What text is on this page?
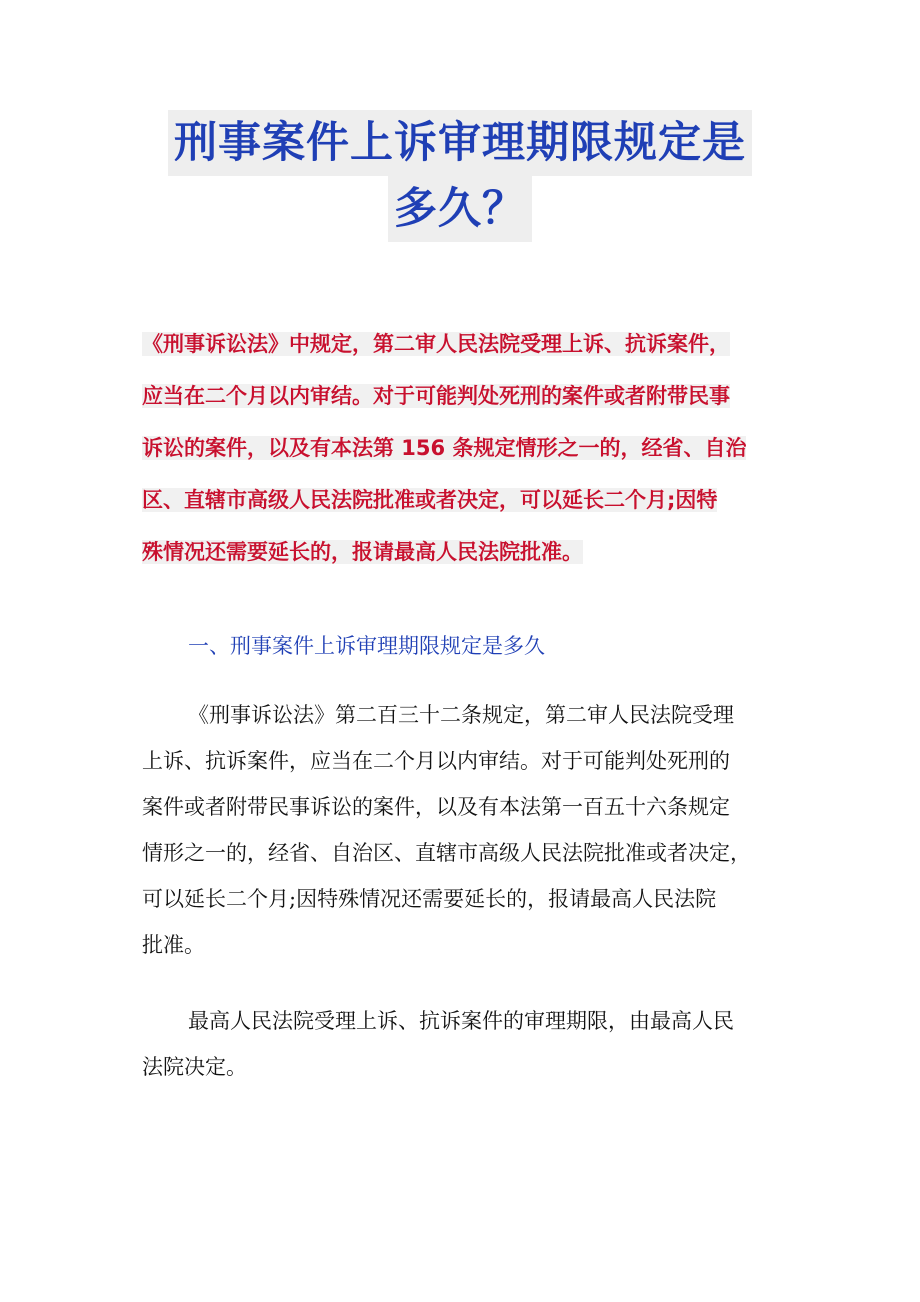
刑事案件上诉审理期限规定是
多久？
《刑事诉讼法》中规定，第二审人民法院受理上诉、抗诉案件，
应当在二个月以内审结。对于可能判处死刑的案件或者附带民事
诉讼的案件，以及有本法第 156 条规定情形之一的，经省、自治
区、直辖市高级人民法院批准或者决定，可以延长二个月;因特
殊情况还需要延长的，报请最高人民法院批准。
一、刑事案件上诉审理期限规定是多久
《刑事诉讼法》第二百三十二条规定，第二审人民法院受理
上诉、抗诉案件，应当在二个月以内审结。对于可能判处死刑的
案件或者附带民事诉讼的案件，以及有本法第一百五十六条规定
情形之一的，经省、自治区、直辖市高级人民法院批准或者决定，
可以延长二个月;因特殊情况还需要延长的，报请最高人民法院
批准。
最高人民法院受理上诉、抗诉案件的审理期限，由最高人民
法院决定。
